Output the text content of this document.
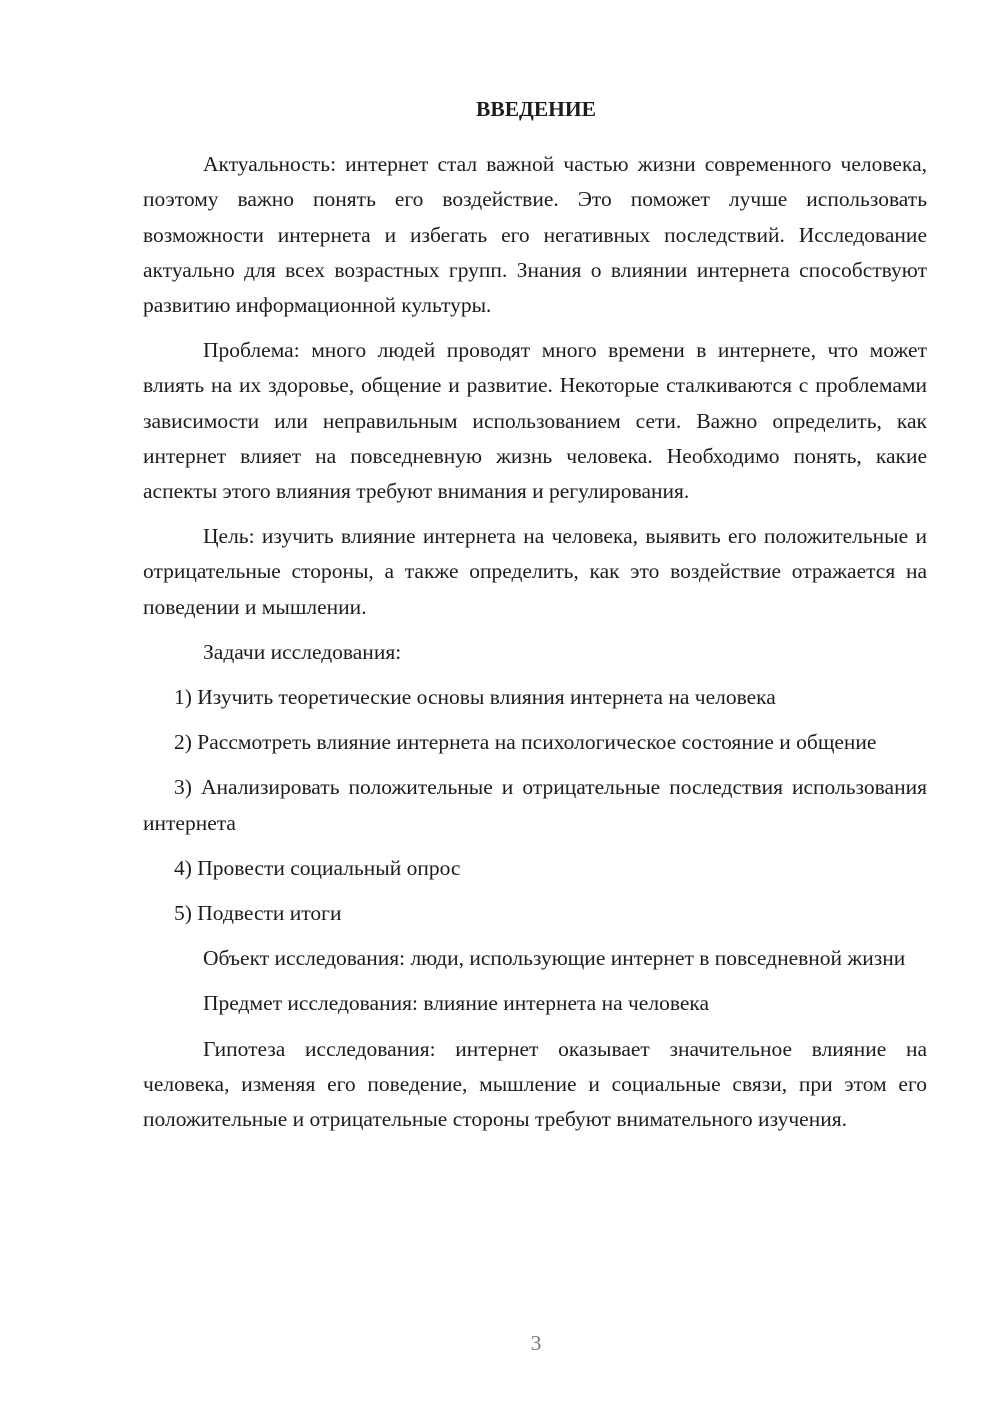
ВВЕДЕНИЕ

Актуальность: интернет стал важной частью жизни современного человека, поэтому важно понять его воздействие. Это поможет лучше использовать возможности интернета и избегать его негативных последствий. Исследование актуально для всех возрастных групп. Знания о влиянии интернета способствуют развитию информационной культуры.

Проблема: много людей проводят много времени в интернете, что может влиять на их здоровье, общение и развитие. Некоторые сталкиваются с проблемами зависимости или неправильным использованием сети. Важно определить, как интернет влияет на повседневную жизнь человека. Необходимо понять, какие аспекты этого влияния требуют внимания и регулирования.

Цель: изучить влияние интернета на человека, выявить его положительные и отрицательные стороны, а также определить, как это воздействие отражается на поведении и мышлении.

Задачи исследования:

1) Изучить теоретические основы влияния интернета на человека

2) Рассмотреть влияние интернета на психологическое состояние и общение

3) Анализировать положительные и отрицательные последствия использования интернета

4) Провести социальный опрос

5) Подвести итоги

Объект исследования: люди, использующие интернет в повседневной жизни

Предмет исследования: влияние интернета на человека

Гипотеза исследования: интернет оказывает значительное влияние на человека, изменяя его поведение, мышление и социальные связи, при этом его положительные и отрицательные стороны требуют внимательного изучения.

3
